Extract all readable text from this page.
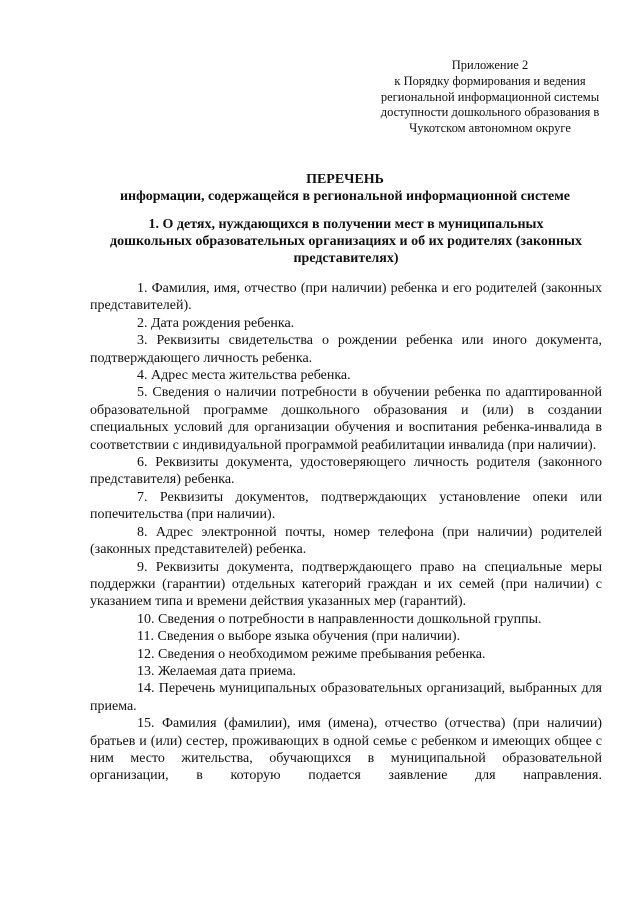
Приложение 2
к Порядку формирования и ведения
региональной информационной системы
доступности дошкольного образования в
Чукотском автономном округе
ПЕРЕЧЕНЬ
информации, содержащейся в региональной информационной системе
1. О детях, нуждающихся в получении мест в муниципальных
дошкольных образовательных организациях и об их родителях (законных
представителях)

1. Фамилия, имя, отчество (при наличии) ребенка и его родителей (законных представителей).

2. Дата рождения ребенка.

3. Реквизиты свидетельства о рождении ребенка или иного документа, подтверждающего личность ребенка.

4. Адрес места жительства ребенка.

5. Сведения о наличии потребности в обучении ребенка по адаптированной образовательной программе дошкольного образования и (или) в создании специальных условий для организации обучения и воспитания ребенка-инвалида в соответствии с индивидуальной программой реабилитации инвалида (при наличии).

6. Реквизиты документа, удостоверяющего личность родителя (законного представителя) ребенка.

7. Реквизиты документов, подтверждающих установление опеки или попечительства (при наличии).

8. Адрес электронной почты, номер телефона (при наличии) родителей (законных представителей) ребенка.

9. Реквизиты документа, подтверждающего право на специальные меры поддержки (гарантии) отдельных категорий граждан и их семей (при наличии) с указанием типа и времени действия указанных мер (гарантий).

10. Сведения о потребности в направленности дошкольной группы.

11. Сведения о выборе языка обучения (при наличии).

12. Сведения о необходимом режиме пребывания ребенка.

13. Желаемая дата приема.

14. Перечень муниципальных образовательных организаций, выбранных для приема.

15. Фамилия (фамилии), имя (имена), отчество (отчества) (при наличии) братьев и (или) сестер, проживающих в одной семье с ребенком и имеющих общее с ним место жительства, обучающихся в муниципальной образовательной организации, в которую подается заявление для направления.
